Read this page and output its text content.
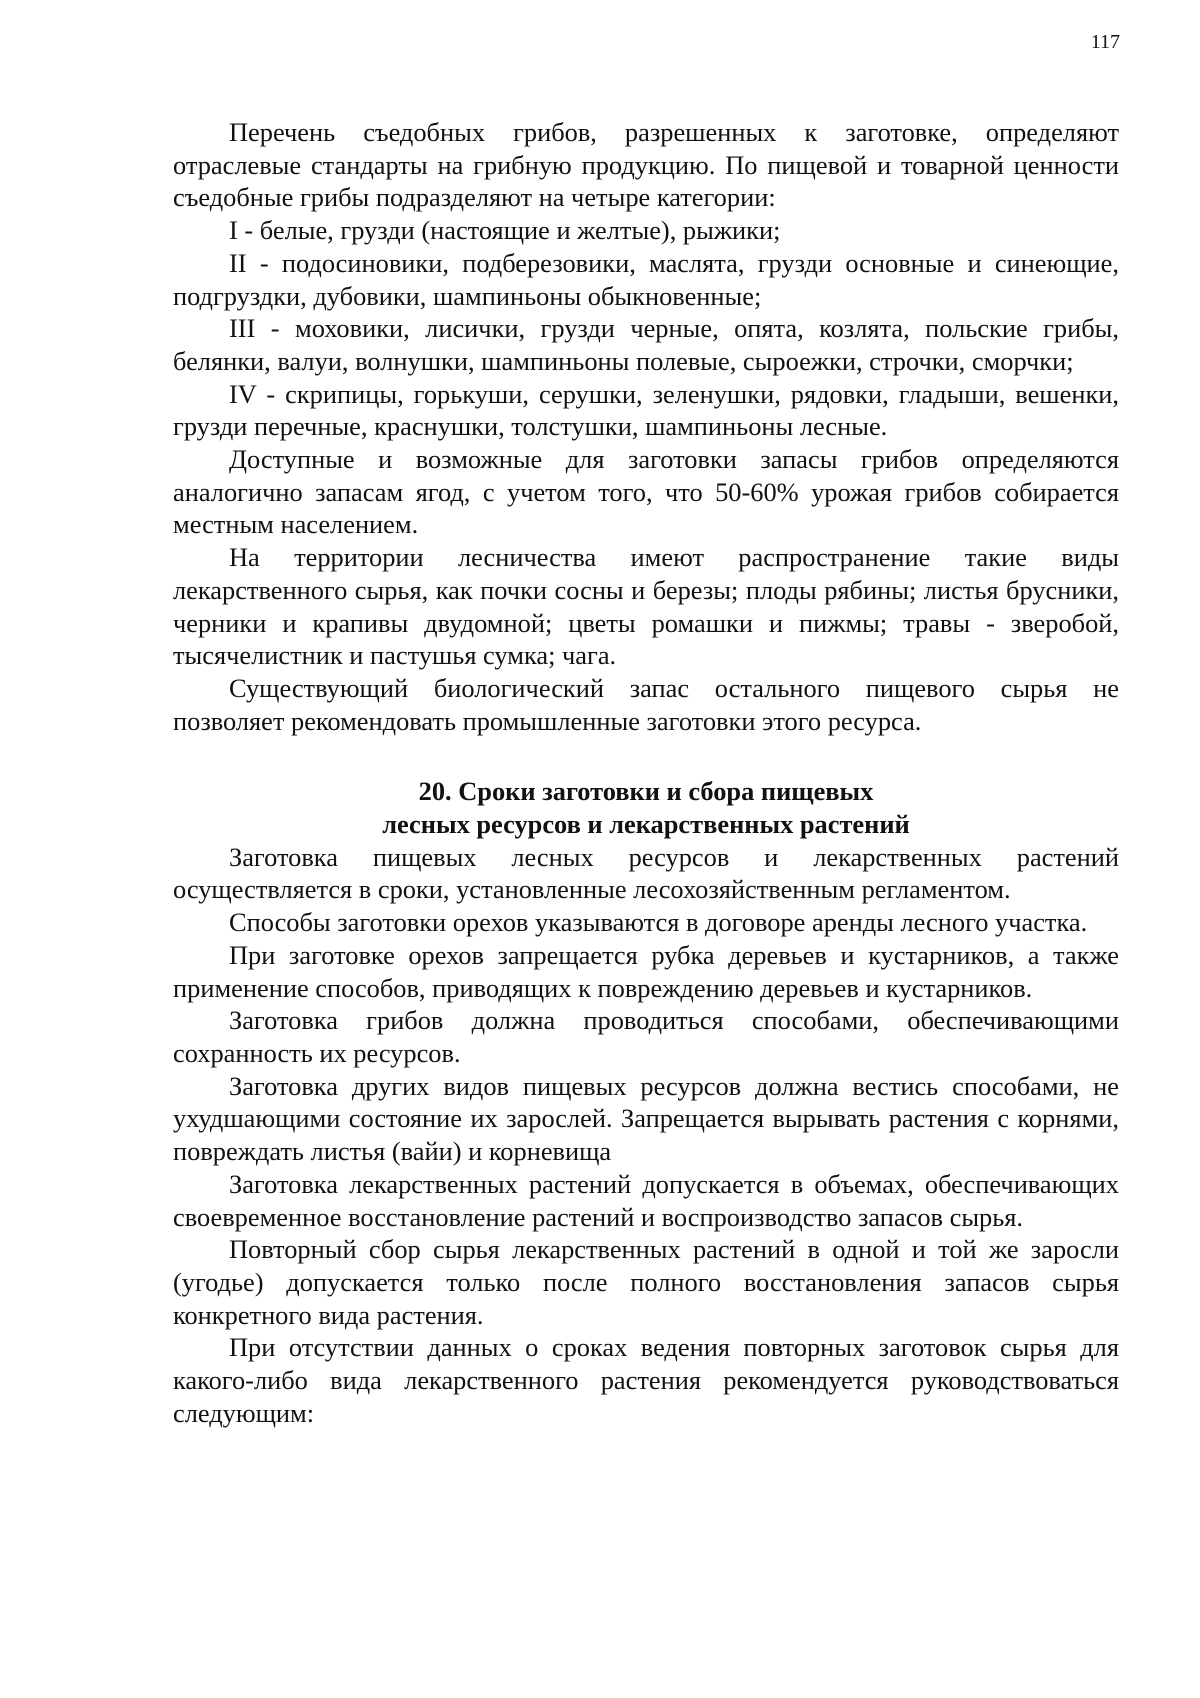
117

Перечень съедобных грибов, разрешенных к заготовке, определяют отраслевые стандарты на грибную продукцию. По пищевой и товарной ценности съедобные грибы подразделяют на четыре категории:

I - белые, грузди (настоящие и желтые), рыжики;

II - подосиновики, подберезовики, маслята, грузди основные и синеющие, подгруздки, дубовики, шампиньоны обыкновенные;

III - моховики, лисички, грузди черные, опята, козлята, польские грибы, белянки, валуи, волнушки, шампиньоны полевые, сыроежки, строчки, сморчки;

IV - скрипицы, горькуши, серушки, зеленушки, рядовки, гладыши, вешенки, грузди перечные, краснушки, толстушки, шампиньоны лесные.

Доступные и возможные для заготовки запасы грибов определяются аналогично запасам ягод, с учетом того, что 50-60% урожая грибов собирается местным населением.

На территории лесничества имеют распространение такие виды лекарственного сырья, как почки сосны и березы; плоды рябины; листья брусники, черники и крапивы двудомной; цветы ромашки и пижмы; травы - зверобой, тысячелистник и пастушья сумка; чага.

Существующий биологический запас остального пищевого сырья не позволяет рекомендовать промышленные заготовки этого ресурса.

20. Сроки заготовки и сбора пищевых
лесных ресурсов и лекарственных растений

Заготовка пищевых лесных ресурсов и лекарственных растений осуществляется в сроки, установленные лесохозяйственным регламентом.

Способы заготовки орехов указываются в договоре аренды лесного участка.

При заготовке орехов запрещается рубка деревьев и кустарников, а также применение способов, приводящих к повреждению деревьев и кустарников.

Заготовка грибов должна проводиться способами, обеспечивающими сохранность их ресурсов.

Заготовка других видов пищевых ресурсов должна вестись способами, не ухудшающими состояние их зарослей. Запрещается вырывать растения с корнями, повреждать листья (вайи) и корневища

Заготовка лекарственных растений допускается в объемах, обеспечивающих своевременное восстановление растений и воспроизводство запасов сырья.

Повторный сбор сырья лекарственных растений в одной и той же заросли (угодье) допускается только после полного восстановления запасов сырья конкретного вида растения.

При отсутствии данных о сроках ведения повторных заготовок сырья для какого-либо вида лекарственного растения рекомендуется руководствоваться следующим:
